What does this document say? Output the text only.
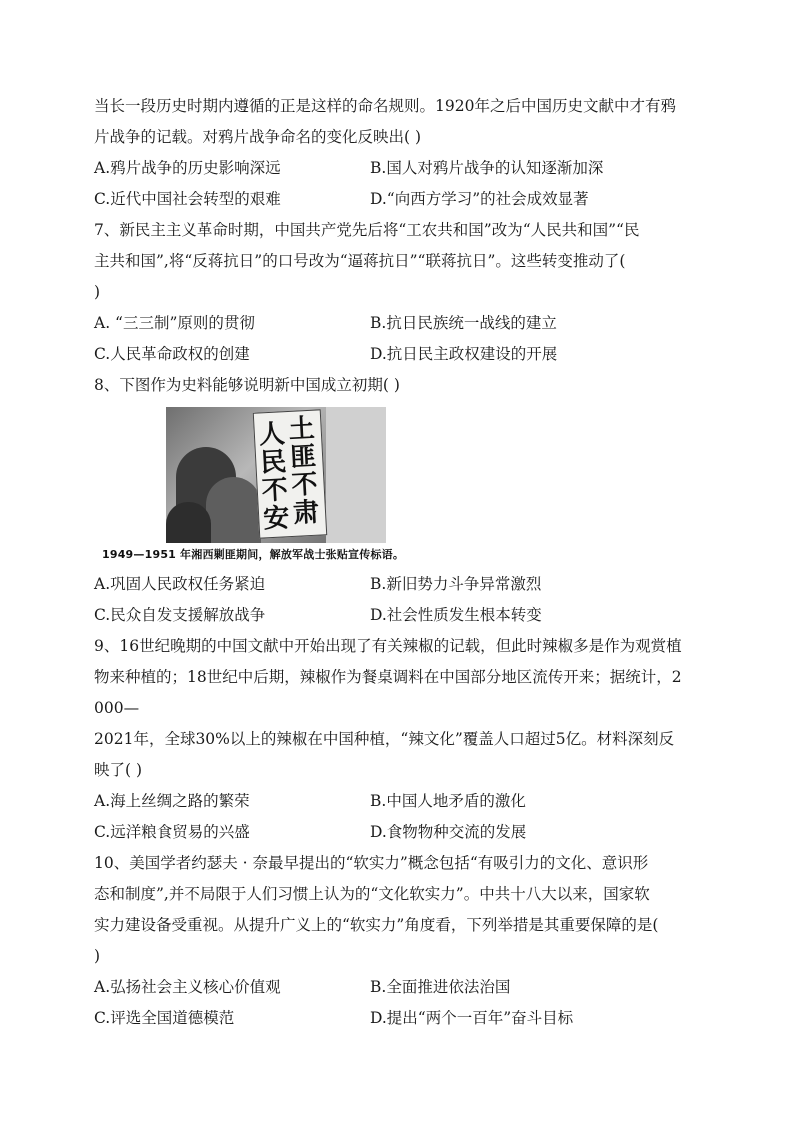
当长一段历史时期内遵循的正是这样的命名规则。1920年之后中国历史文献中才有鸦
片战争的记载。对鸦片战争命名的变化反映出( )
A.鸦片战争的历史影响深远	B.国人对鸦片战争的认知逐渐加深
C.近代中国社会转型的艰难	D.“向西方学习”的社会成效显著
7、新民主主义革命时期，中国共产党先后将“工农共和国”改为“人民共和国”“民
主共和国”,将“反蒋抗日”的口号改为“逼蒋抗日”“联蒋抗日”。这些转变推动了(
)
A. “三三制”原则的贯彻	B.抗日民族统一战线的建立
C.人民革命政权的创建	D.抗日民主政权建设的开展
8、下图作为史料能够说明新中国成立初期( )
土匪不肃
人民不安
1949—1951 年湘西剿匪期间，解放军战士张贴宣传标语。
A.巩固人民政权任务紧迫	B.新旧势力斗争异常激烈
C.民众自发支援解放战争	D.社会性质发生根本转变
9、16世纪晚期的中国文献中开始出现了有关辣椒的记载，但此时辣椒多是作为观赏植
物来种植的；18世纪中后期，辣椒作为餐桌调料在中国部分地区流传开来；据统计，2
000—
2021年，全球30%以上的辣椒在中国种植，“辣文化”覆盖人口超过5亿。材料深刻反
映了( )
A.海上丝绸之路的繁荣	B.中国人地矛盾的激化
C.远洋粮食贸易的兴盛	D.食物物种交流的发展
10、美国学者约瑟夫 · 奈最早提出的“软实力”概念包括“有吸引力的文化、意识形
态和制度”,并不局限于人们习惯上认为的“文化软实力”。中共十八大以来，国家软
实力建设备受重视。从提升广义上的“软实力”角度看，下列举措是其重要保障的是(
)
A.弘扬社会主义核心价值观	B.全面推进依法治国
C.评选全国道德模范	D.提出“两个一百年”奋斗目标
